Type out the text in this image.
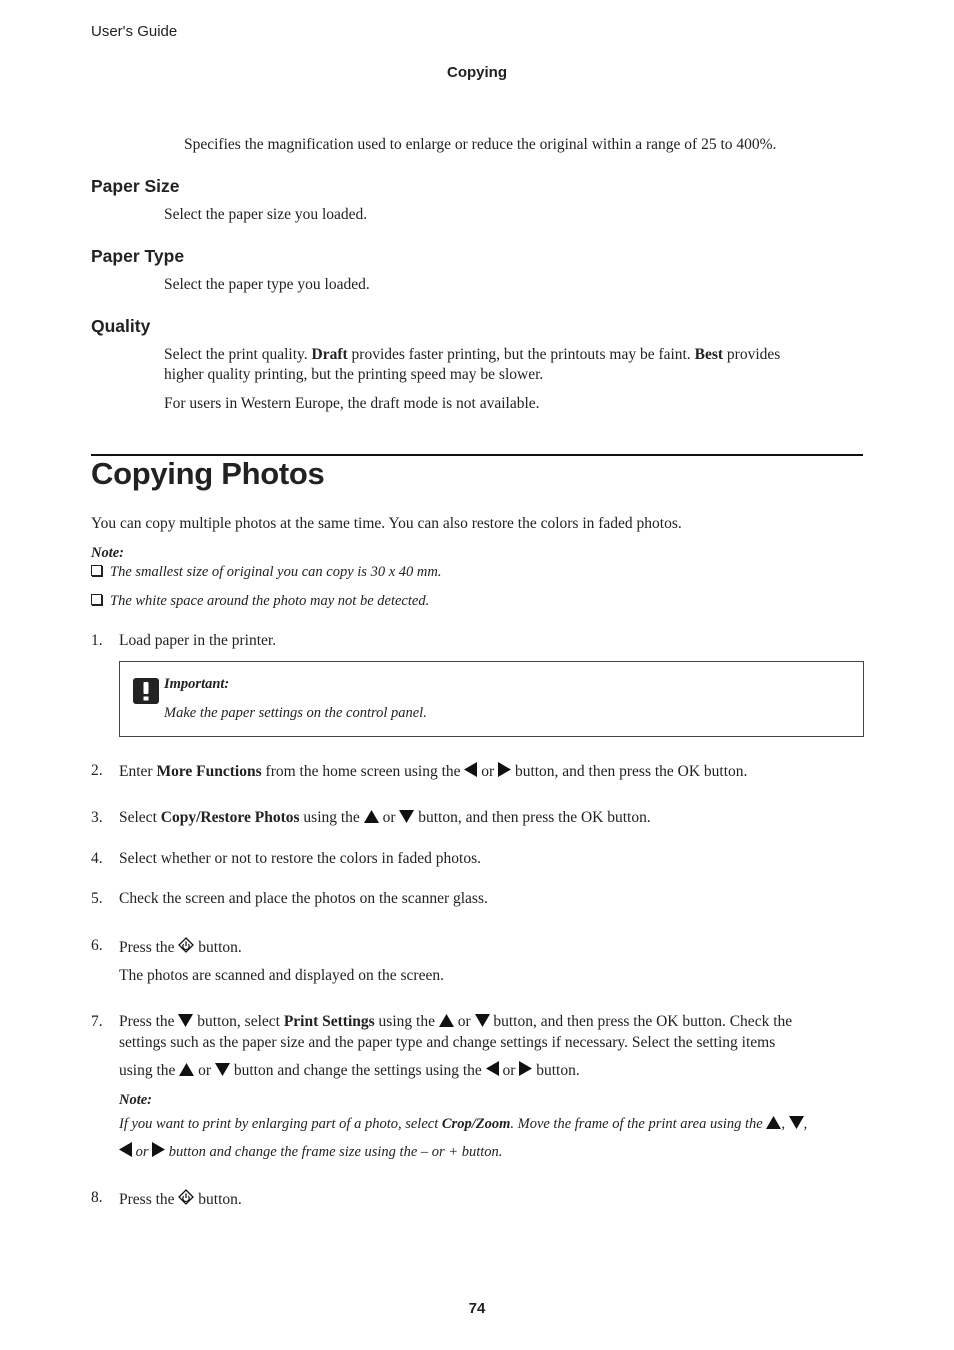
User's Guide
Copying
Specifies the magnification used to enlarge or reduce the original within a range of 25 to 400%.
Paper Size
Select the paper size you loaded.
Paper Type
Select the paper type you loaded.
Quality
Select the print quality. Draft provides faster printing, but the printouts may be faint. Best provides
higher quality printing, but the printing speed may be slower.
For users in Western Europe, the draft mode is not available.
Copying Photos
You can copy multiple photos at the same time. You can also restore the colors in faded photos.
Note:
The smallest size of original you can copy is 30 x 40 mm.
The white space around the photo may not be detected.
1. Load paper in the printer.
Important:
Make the paper settings on the control panel.
2. Enter More Functions from the home screen using the  or  button, and then press the OK button.
3. Select Copy/Restore Photos using the  or  button, and then press the OK button.
4. Select whether or not to restore the colors in faded photos.
5. Check the screen and place the photos on the scanner glass.
6. Press the  button.
The photos are scanned and displayed on the screen.
7. Press the  button, select Print Settings using the  or  button, and then press the OK button. Check the
settings such as the paper size and the paper type and change settings if necessary. Select the setting items
using the  or  button and change the settings using the  or  button.
Note:
If you want to print by enlarging part of a photo, select Crop/Zoom. Move the frame of the print area using the , ,
or  button and change the frame size using the – or + button.
8. Press the  button.
74
